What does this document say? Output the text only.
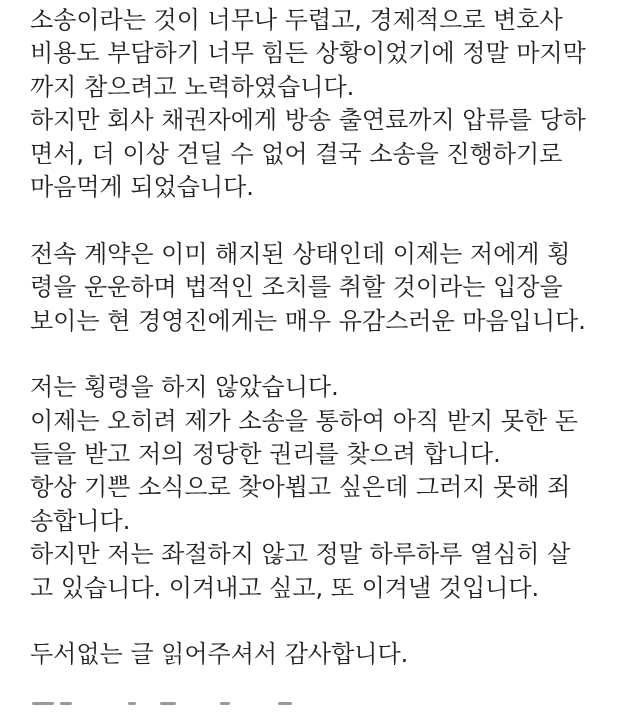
소송이라는 것이 너무나 두렵고, 경제적으로 변호사
비용도 부담하기 너무 힘든 상황이었기에 정말 마지막
까지 참으려고 노력하였습니다.
하지만 회사 채권자에게 방송 출연료까지 압류를 당하
면서, 더 이상 견딜 수 없어 결국 소송을 진행하기로
마음먹게 되었습니다.
전속 계약은 이미 해지된 상태인데 이제는 저에게 횡
령을 운운하며 법적인 조치를 취할 것이라는 입장을
보이는 현 경영진에게는 매우 유감스러운 마음입니다.
저는 횡령을 하지 않았습니다.
이제는 오히려 제가 소송을 통하여 아직 받지 못한 돈
들을 받고 저의 정당한 권리를 찾으려 합니다.
항상 기쁜 소식으로 찾아뵙고 싶은데 그러지 못해 죄
송합니다.
하지만 저는 좌절하지 않고 정말 하루하루 열심히 살
고 있습니다. 이겨내고 싶고, 또 이겨낼 것입니다.
두서없는 글 읽어주셔서 감사합니다.
